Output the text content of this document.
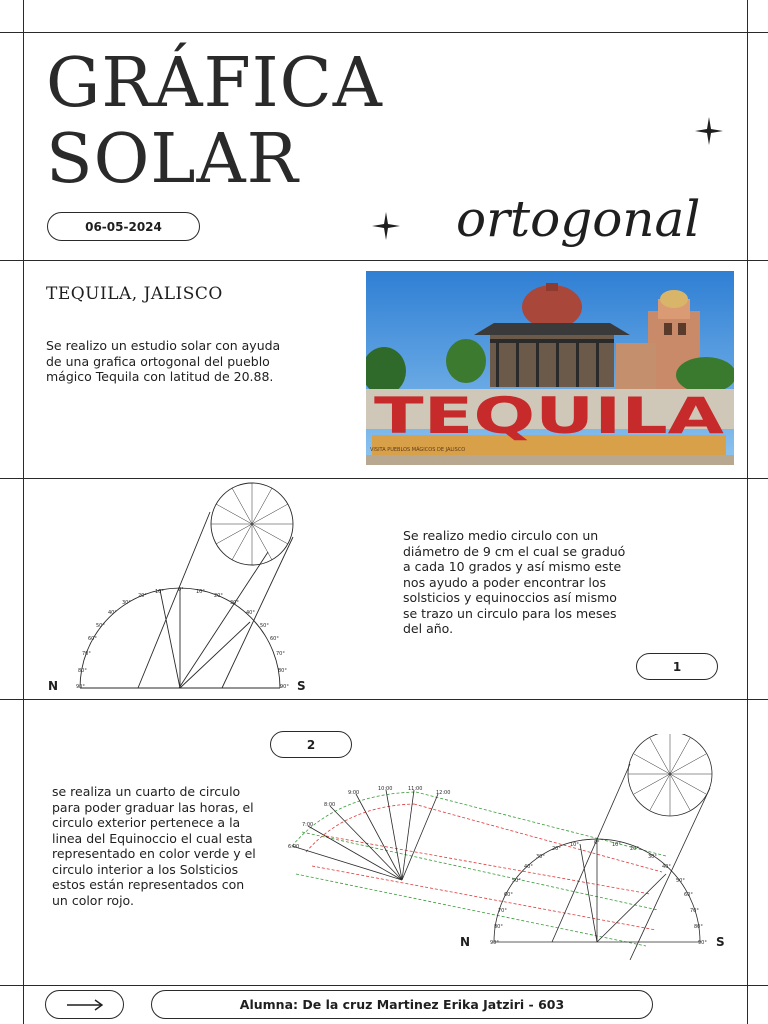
GRÁFICA
SOLAR
06-05-2024	ortogonal
TEQUILA, JALISCO

Se realizo un estudio solar con ayuda de una grafica ortogonal del pueblo mágico Tequila con latitud de 20.88.

TEQUILA
VISITA PUEBLOS MÁGICOS DE JALISCO
90°
80°
70°
60°
50°
40°
30°
20°
10°	0° 10°
20°
30°
40°
50°
60°
70°
80°
90°
N	S

Se realizo medio circulo con un diámetro de 9 cm el cual se graduó a cada 10 grados y así mismo este nos ayudo a poder encontrar los solsticios y equinoccios así mismo se trazo un circulo para los meses del año.

1
2

se realiza un cuarto de circulo para poder graduar las horas, el circulo exterior pertenece a la linea del Equinoccio el cual esta representado en color verde y el circulo interior a los Solsticios estos están representados con un color rojo.

6:00
7:00
8:00
9:00
10:00	11:00
12:00
90°
80°
70°
60°
50°
40°
30°
20°
10°	0° 10°
20°
30°
40°
50°
60°
70°
80°
90°
N	S
Alumna: De la cruz Martinez Erika Jatziri - 603
